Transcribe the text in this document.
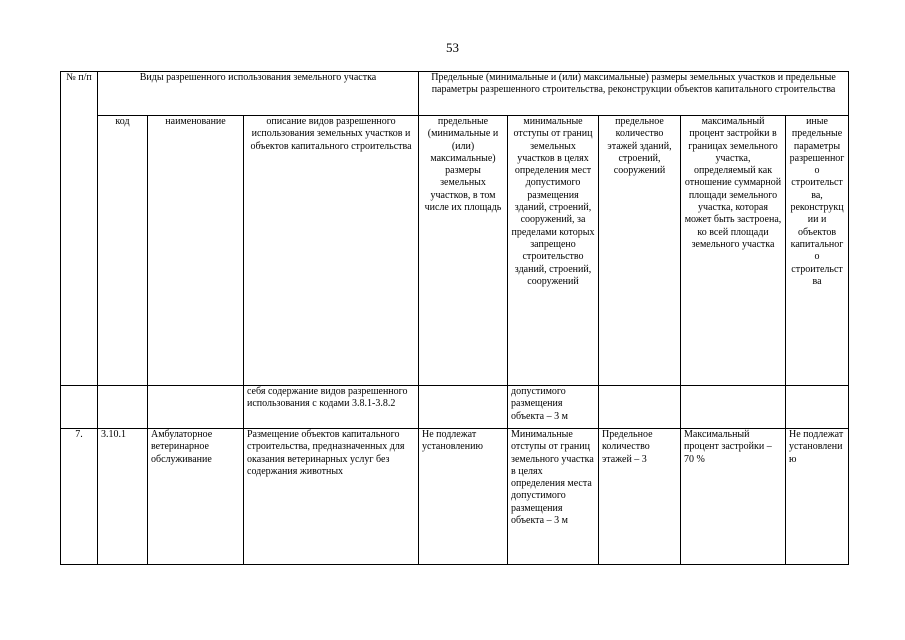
53
№ п/п	Виды разрешенного использования земельного участка			Предельные (минимальные и (или) максимальные) размеры земельных участков и предельные параметры разрешенного строительства, реконструкции объектов капитального строительства				
	код	наименование	описание видов разрешенного использования земельных участков и объектов капитального строительства	предельные (минимальные и (или) максимальные) размеры земельных участков, в том числе их площадь	минимальные отступы от границ земельных участков в целях определения мест допустимого размещения зданий, строений, сооружений, за пределами которых запрещено строительство зданий, строений, сооружений	предельное количество этажей зданий, строений, сооружений	максимальный процент застройки в границах земельного участка, определяемый как отношение суммарной площади земельного участка, которая может быть застроена, ко всей площади земельного участка	иные предельные параметры разрешенного строительства, реконструкции и объектов капитального строительства
			себя содержание видов разрешенного использования с кодами 3.8.1-3.8.2		допустимого размещения объекта – 3 м			
7.	3.10.1	Амбулаторное ветеринарное обслуживание	Размещение объектов капитального строительства, предназначенных для оказания ветеринарных услуг без содержания животных	Не подлежат установлению	Минимальные отступы от границ земельного участка в целях определения места допустимого размещения объекта – 3 м	Предельное количество этажей – 3	Максимальный процент застройки – 70 %	Не подлежат установлению
